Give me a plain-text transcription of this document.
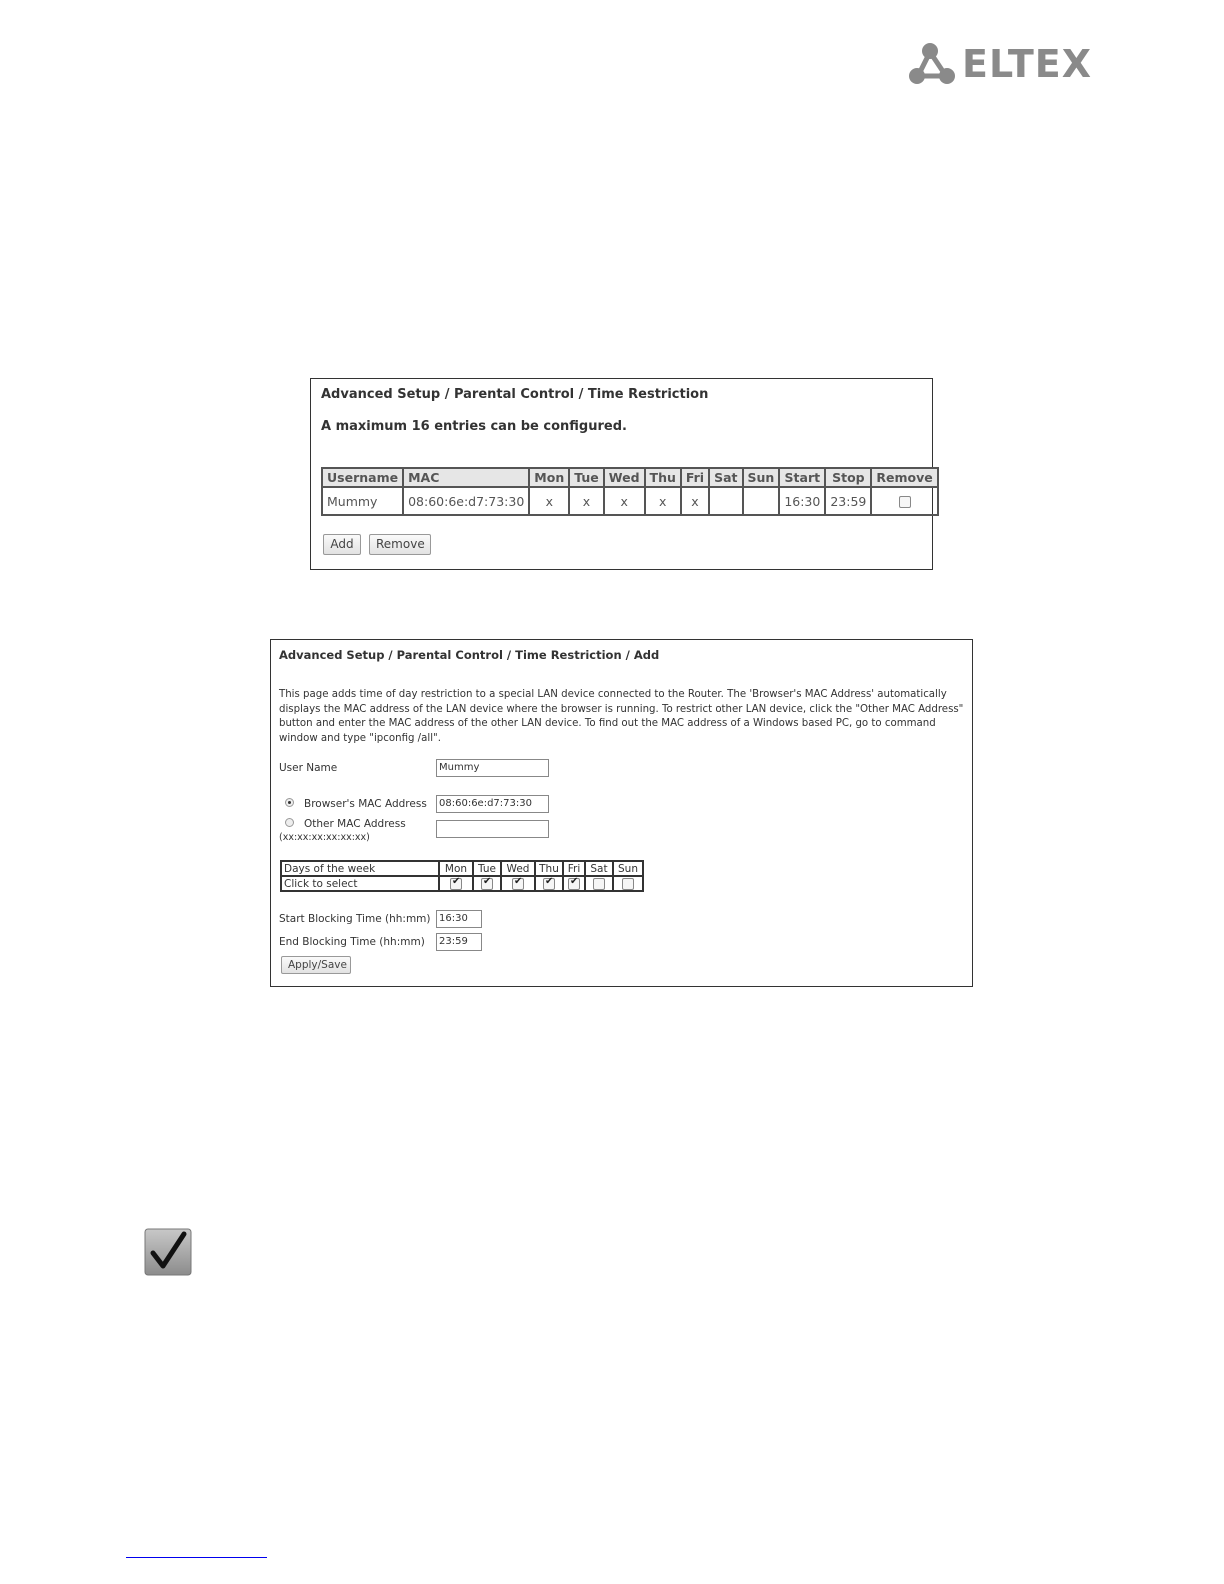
ELTEX
Advanced Setup / Parental Control / Time Restriction
A maximum 16 entries can be configured.
Username	MAC	Mon	Tue	Wed	Thu	Fri	Sat	Sun	Start	Stop	Remove
Mummy	08:60:6e:d7:73:30	x	x	x	x	x			16:30	23:59	
Add	Remove
Advanced Setup / Parental Control / Time Restriction / Add
This page adds time of day restriction to a special LAN device connected to the Router. The 'Browser's MAC Address' automatically displays the MAC address of the LAN device where the browser is running. To restrict other LAN device, click the "Other MAC Address" button and enter the MAC address of the other LAN device. To find out the MAC address of a Windows based PC, go to command window and type "ipconfig /all".
User Name	Mummy
Browser's MAC Address	08:60:6e:d7:73:30
Other MAC Address
(xx:xx:xx:xx:xx:xx)
Days of the week	Mon	Tue	Wed	Thu	Fri	Sat	Sun
Click to select	✔	✔	✔	✔	✔		
Start Blocking Time (hh:mm) 16:30
End Blocking Time (hh:mm)	23:59
Apply/Save
